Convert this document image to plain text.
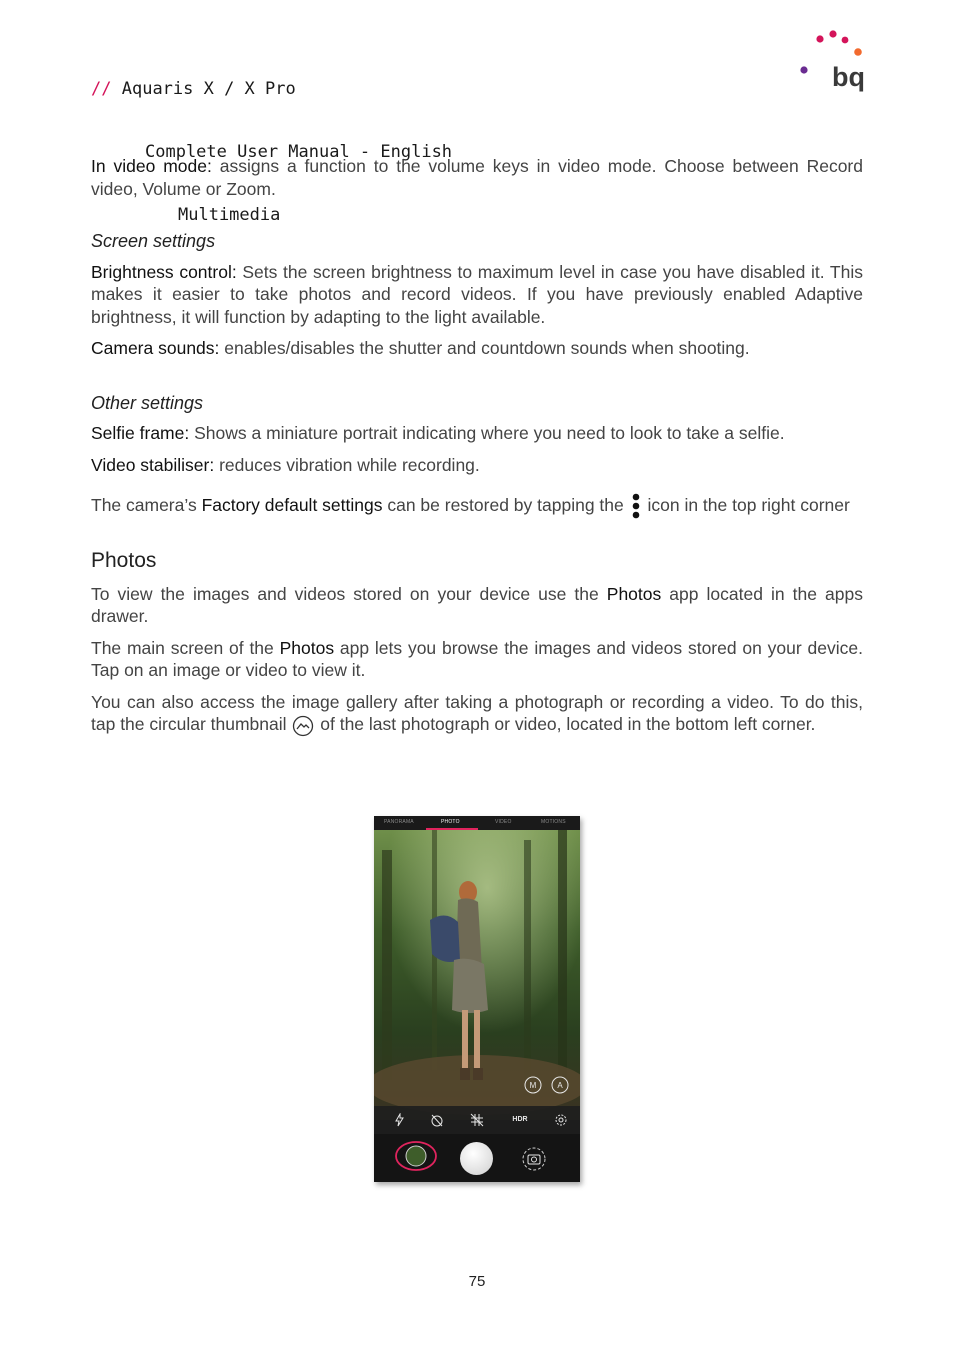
// Aquaris X / X Pro

Complete User Manual - English

Multimedia

bq

In video mode: assigns a function to the volume keys in video mode. Choose between Record video, Volume or Zoom.

Screen settings

Brightness control: Sets the screen brightness to maximum level in case you have disabled it. This makes it easier to take photos and record videos. If you have previously enabled Adaptive brightness, it will function by adapting to the light available.

Camera sounds: enables/disables the shutter and countdown sounds when shooting.

Other settings

Selfie frame: Shows a miniature portrait indicating where you need to look to take a selfie.

Video stabiliser: reduces vibration while recording.

The camera’s Factory default settings can be restored by tapping the  icon in the top right corner

Photos

To view the images and videos stored on your device use the Photos app located in the apps drawer.

The main screen of the Photos app lets you browse the images and videos stored on your device. Tap on an image or video to view it.

You can also access the image gallery after taking a photograph or recording a video. To do this, tap the circular thumbnail  of the last photograph or video, located in the bottom left corner.

PANORAMA	PHOTO	VIDEO	MOTIONS
M	A
HDR
75
